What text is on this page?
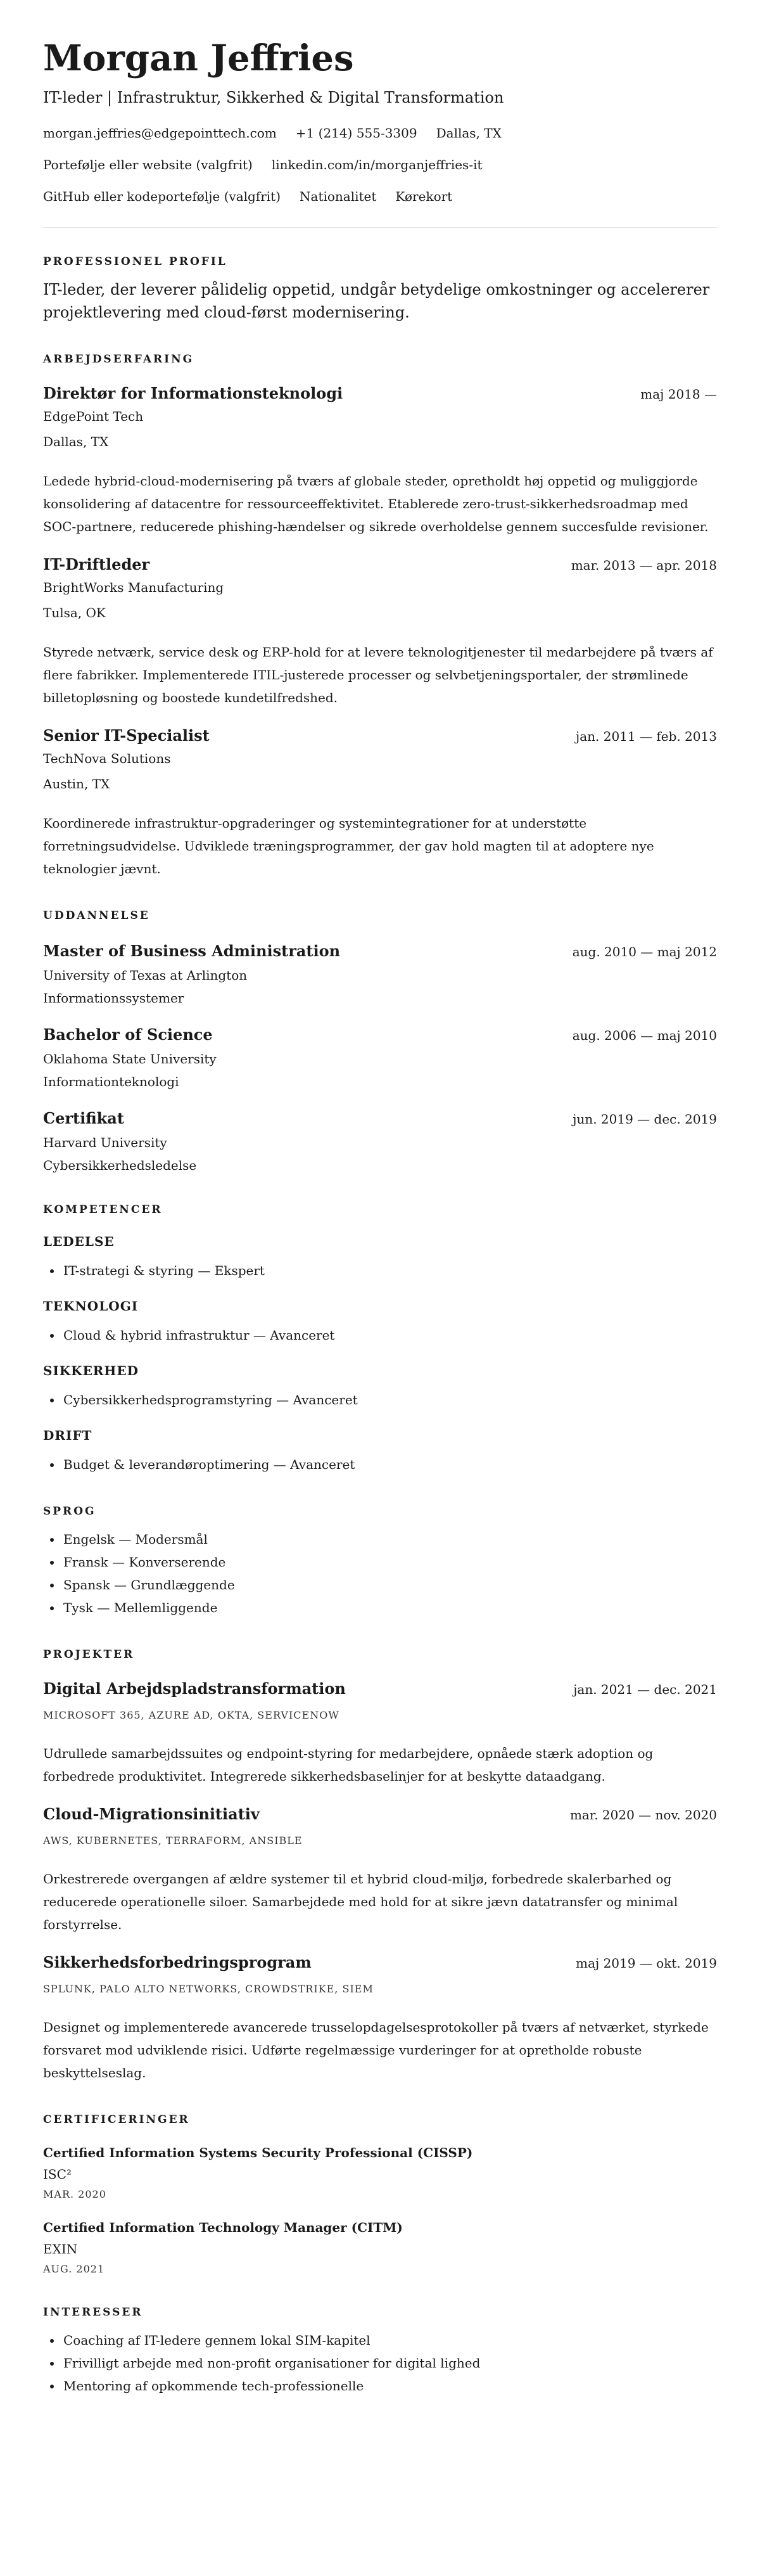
Morgan Jeffries
IT-leder | Infrastruktur, Sikkerhed & Digital Transformation
morgan.jeffries@edgepointtech.com +1 (214) 555-3309 Dallas, TX
Portefølje eller website (valgfrit) linkedin.com/in/morganjeffries-it
GitHub eller kodeportefølje (valgfrit) Nationalitet Kørekort
PROFESSIONEL PROFIL
IT-leder, der leverer pålidelig oppetid, undgår betydelige omkostninger og accelererer projektlevering med cloud-først modernisering.
ARBEJDSERFARING
Direktør for Informationsteknologi	maj 2018 —
EdgePoint Tech
Dallas, TX
Ledede hybrid-cloud-modernisering på tværs af globale steder, opretholdt høj oppetid og muliggjorde konsolidering af datacentre for ressourceeffektivitet. Etablerede zero-trust-sikkerhedsroadmap med SOC-partnere, reducerede phishing-hændelser og sikrede overholdelse gennem succesfulde revisioner.
IT-Driftleder	mar. 2013 — apr. 2018
BrightWorks Manufacturing
Tulsa, OK
Styrede netværk, service desk og ERP-hold for at levere teknologitjenester til medarbejdere på tværs af flere fabrikker. Implementerede ITIL-justerede processer og selvbetjeningsportaler, der strømlinede billetopløsning og boostede kundetilfredshed.
Senior IT-Specialist	jan. 2011 — feb. 2013
TechNova Solutions
Austin, TX
Koordinerede infrastruktur-opgraderinger og systemintegrationer for at understøtte forretningsudvidelse. Udviklede træningsprogrammer, der gav hold magten til at adoptere nye teknologier jævnt.
UDDANNELSE
Master of Business Administration	aug. 2010 — maj 2012
University of Texas at Arlington
Informationssystemer
Bachelor of Science	aug. 2006 — maj 2010
Oklahoma State University
Informationteknologi
Certifikat	jun. 2019 — dec. 2019
Harvard University
Cybersikkerhedsledelse
KOMPETENCER
LEDELSE
• IT-strategi & styring — Ekspert
TEKNOLOGI
• Cloud & hybrid infrastruktur — Avanceret
SIKKERHED
• Cybersikkerhedsprogramstyring — Avanceret
DRIFT
• Budget & leverandøroptimering — Avanceret
SPROG
• Engelsk — Modersmål
• Fransk — Konverserende
• Spansk — Grundlæggende
• Tysk — Mellemliggende
PROJEKTER
Digital Arbejdspladstransformation	jan. 2021 — dec. 2021
MICROSOFT 365, AZURE AD, OKTA, SERVICENOW
Udrullede samarbejdssuites og endpoint-styring for medarbejdere, opnåede stærk adoption og forbedrede produktivitet. Integrerede sikkerhedsbaselinjer for at beskytte dataadgang.
Cloud-Migrationsinitiativ	mar. 2020 — nov. 2020
AWS, KUBERNETES, TERRAFORM, ANSIBLE
Orkestrerede overgangen af ældre systemer til et hybrid cloud-miljø, forbedrede skalerbarhed og reducerede operationelle siloer. Samarbejdede med hold for at sikre jævn datatransfer og minimal forstyrrelse.
Sikkerhedsforbedringsprogram	maj 2019 — okt. 2019
SPLUNK, PALO ALTO NETWORKS, CROWDSTRIKE, SIEM
Designet og implementerede avancerede trusselopdagelsesprotokoller på tværs af netværket, styrkede forsvaret mod udviklende risici. Udførte regelmæssige vurderinger for at opretholde robuste beskyttelseslag.
CERTIFICERINGER
Certified Information Systems Security Professional (CISSP)
ISC²
MAR. 2020
Certified Information Technology Manager (CITM)
EXIN
AUG. 2021
INTERESSER
• Coaching af IT-ledere gennem lokal SIM-kapitel
• Frivilligt arbejde med non-profit organisationer for digital lighed
• Mentoring af opkommende tech-professionelle
